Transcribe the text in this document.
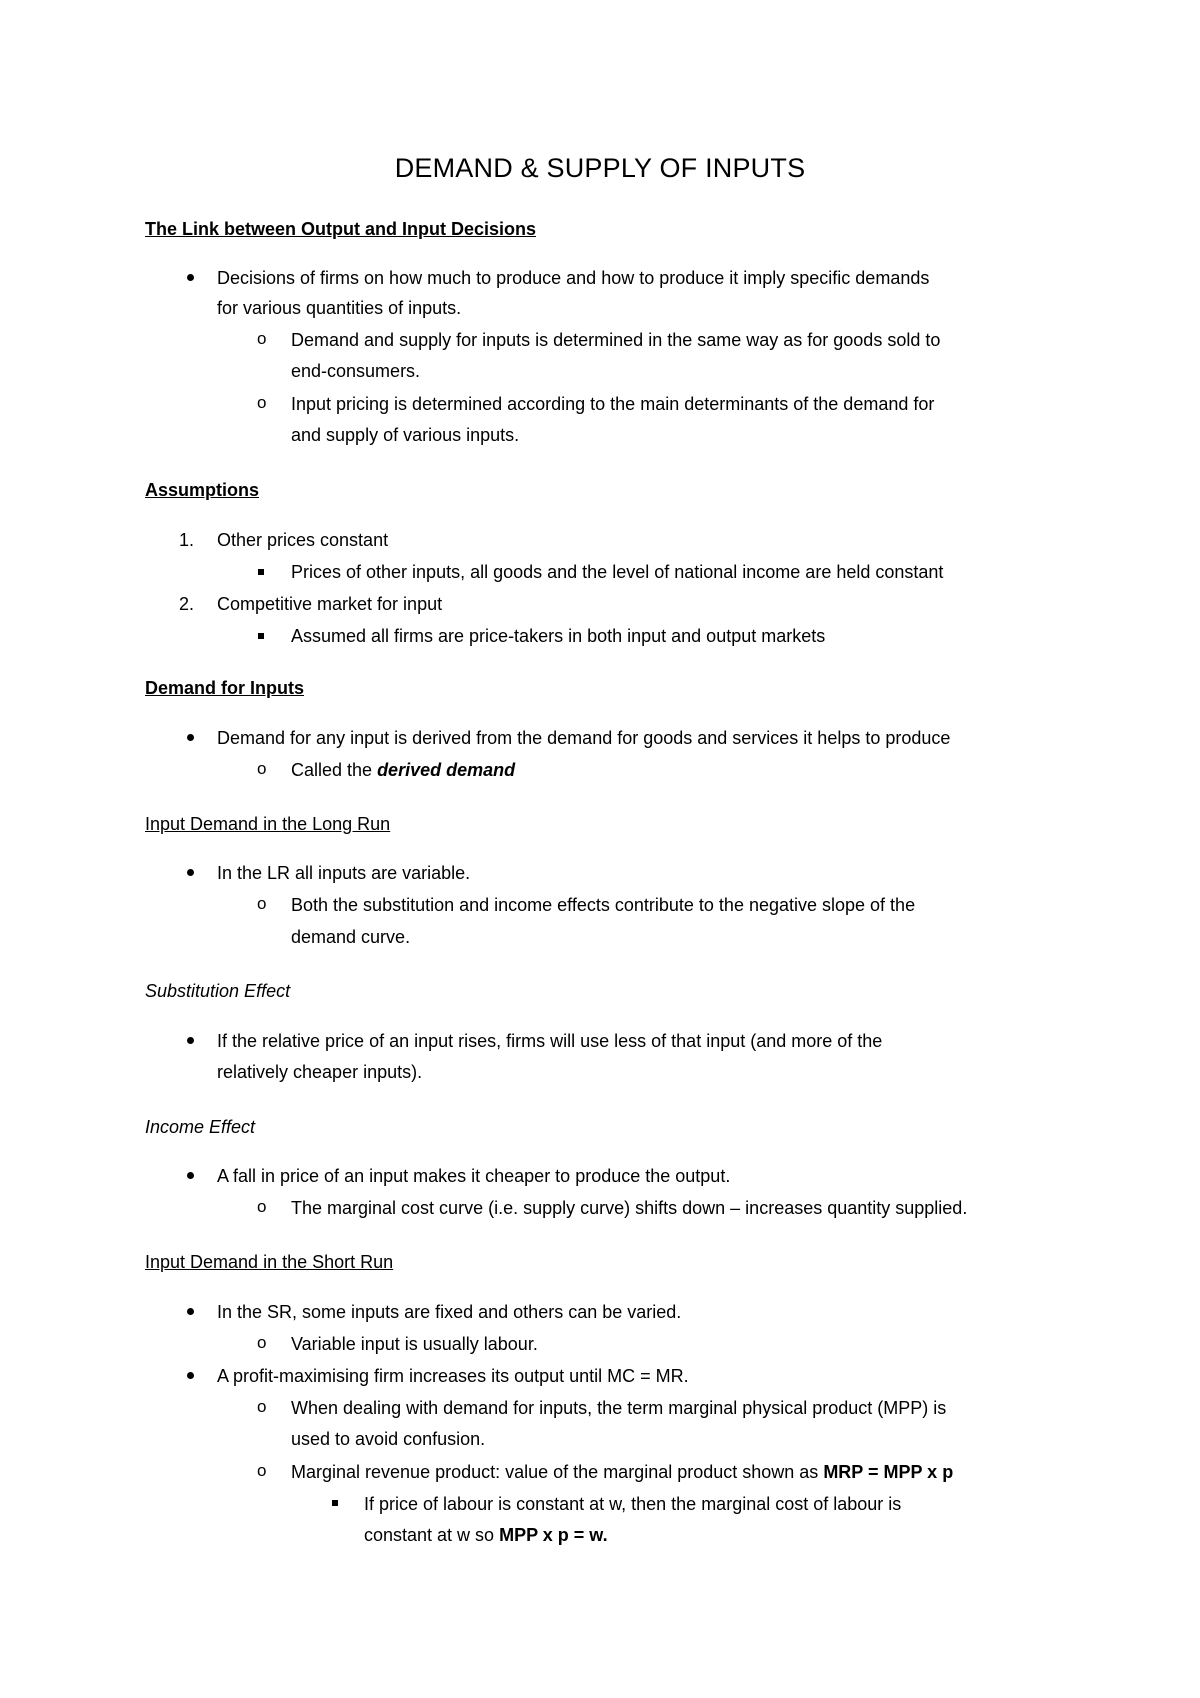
DEMAND & SUPPLY OF INPUTS
The Link between Output and Input Decisions
Decisions of firms on how much to produce and how to produce it imply specific demands
for various quantities of inputs.
o Demand and supply for inputs is determined in the same way as for goods sold to
end-consumers.
o Input pricing is determined according to the main determinants of the demand for
and supply of various inputs.
Assumptions
1. Other prices constant
Prices of other inputs, all goods and the level of national income are held constant
2. Competitive market for input
Assumed all firms are price-takers in both input and output markets
Demand for Inputs
Demand for any input is derived from the demand for goods and services it helps to produce
o Called the derived demand
Input Demand in the Long Run
In the LR all inputs are variable.
o Both the substitution and income effects contribute to the negative slope of the
demand curve.
Substitution Effect
If the relative price of an input rises, firms will use less of that input (and more of the
relatively cheaper inputs).
Income Effect
A fall in price of an input makes it cheaper to produce the output.
o The marginal cost curve (i.e. supply curve) shifts down – increases quantity supplied.
Input Demand in the Short Run
In the SR, some inputs are fixed and others can be varied.
o Variable input is usually labour.
A profit-maximising firm increases its output until MC = MR.
o When dealing with demand for inputs, the term marginal physical product (MPP) is
used to avoid confusion.
o Marginal revenue product: value of the marginal product shown as MRP = MPP x p
If price of labour is constant at w, then the marginal cost of labour is
constant at w so MPP x p = w.
